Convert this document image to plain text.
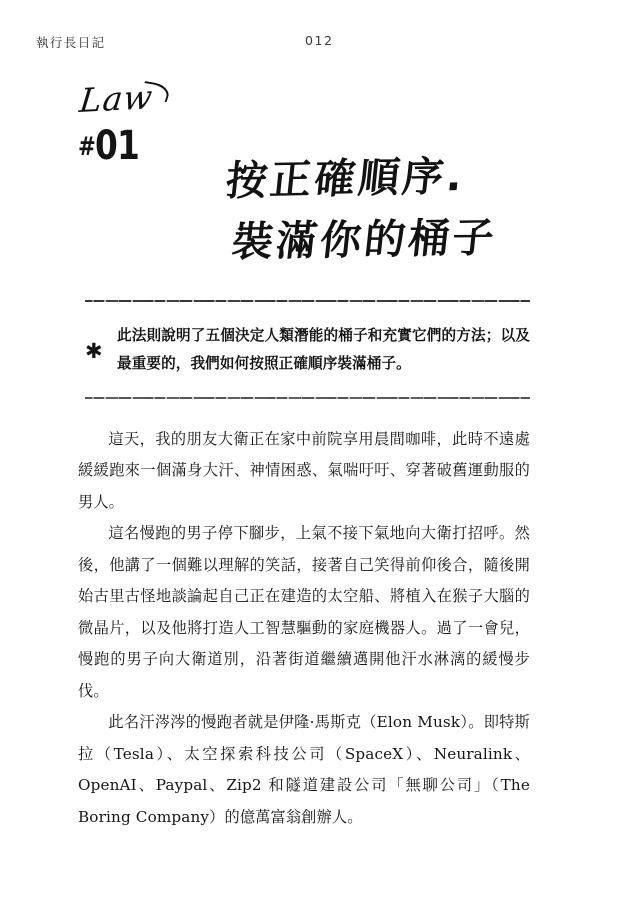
執行長日記	012
Law
#01
按正確順序.
裝滿你的桶子
✱
此法則說明了五個決定人類潛能的桶子和充實它們的方法；以及最重要的，我們如何按照正確順序裝滿桶子。

這天，我的朋友大衛正在家中前院享用晨間咖啡，此時不遠處緩緩跑來一個滿身大汗、神情困惑、氣喘吁吁、穿著破舊運動服的男人。

這名慢跑的男子停下腳步，上氣不接下氣地向大衛打招呼。然後，他講了一個難以理解的笑話，接著自己笑得前仰後合，隨後開始古里古怪地談論起自己正在建造的太空船、將植入在猴子大腦的微晶片，以及他將打造人工智慧驅動的家庭機器人。過了一會兒，慢跑的男子向大衛道別，沿著街道繼續邁開他汗水淋漓的緩慢步伐。

此名汗涔涔的慢跑者就是伊隆·馬斯克（Elon Musk）。即特斯拉（Tesla）、太空探索科技公司（SpaceX）、Neuralink、OpenAI、Paypal、Zip2 和隧道建設公司「無聊公司」（The Boring Company）的億萬富翁創辦人。
